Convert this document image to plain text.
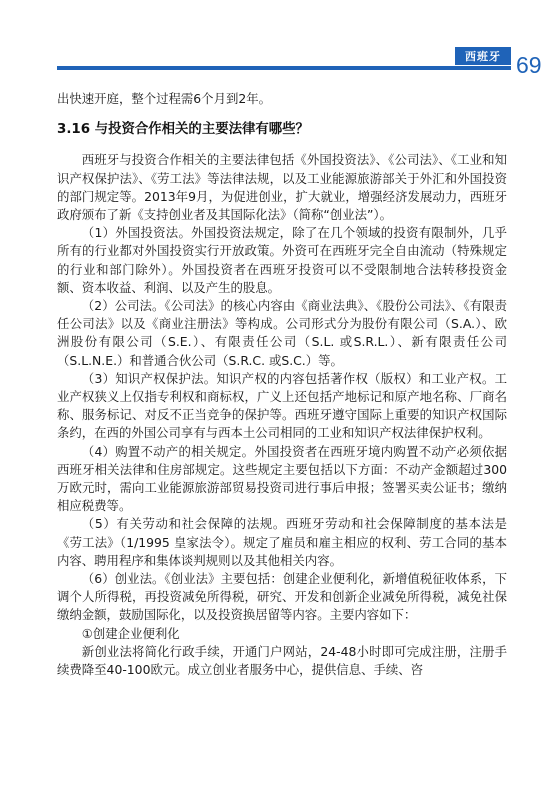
西班牙 69

出快速开庭，整个过程需6个月到2年。

3.16 与投资合作相关的主要法律有哪些？

西班牙与投资合作相关的主要法律包括《外国投资法》、《公司法》、《工业和知识产权保护法》、《劳工法》等法律法规，以及工业能源旅游部关于外汇和外国投资的部门规定等。2013年9月，为促进创业，扩大就业，增强经济发展动力，西班牙政府颁布了新《支持创业者及其国际化法》（简称“创业法”）。

（1）外国投资法。外国投资法规定，除了在几个领域的投资有限制外，几乎所有的行业都对外国投资实行开放政策。外资可在西班牙完全自由流动（特殊规定的行业和部门除外）。外国投资者在西班牙投资可以不受限制地合法转移投资金额、资本收益、利润、以及产生的股息。

（2）公司法。《公司法》的核心内容由《商业法典》、《股份公司法》、《有限责任公司法》以及《商业注册法》等构成。公司形式分为股份有限公司（S.A.）、欧洲股份有限公司（S.E.）、有限责任公司（S.L. 或S.R.L.）、新有限责任公司（S.L.N.E.）和普通合伙公司（S.R.C. 或S.C.）等。

（3）知识产权保护法。知识产权的内容包括著作权（版权）和工业产权。工业产权狭义上仅指专利权和商标权，广义上还包括产地标记和原产地名称、厂商名称、服务标记、对反不正当竞争的保护等。西班牙遵守国际上重要的知识产权国际条约，在西的外国公司享有与西本土公司相同的工业和知识产权法律保护权利。

（4）购置不动产的相关规定。外国投资者在西班牙境内购置不动产必须依据西班牙相关法律和住房部规定。这些规定主要包括以下方面：不动产金额超过300万欧元时，需向工业能源旅游部贸易投资司进行事后申报；签署买卖公证书；缴纳相应税费等。

（5）有关劳动和社会保障的法规。西班牙劳动和社会保障制度的基本法是《劳工法》（1/1995 皇家法令）。规定了雇员和雇主相应的权利、劳工合同的基本内容、聘用程序和集体谈判规则以及其他相关内容。

（6）创业法。《创业法》主要包括：创建企业便利化，新增值税征收体系，下调个人所得税，再投资减免所得税，研究、开发和创新企业减免所得税，减免社保缴纳金额，鼓励国际化，以及投资换居留等内容。主要内容如下：

①创建企业便利化

新创业法将简化行政手续，开通门户网站，24-48小时即可完成注册，注册手续费降至40-100欧元。成立创业者服务中心，提供信息、手续、咨
